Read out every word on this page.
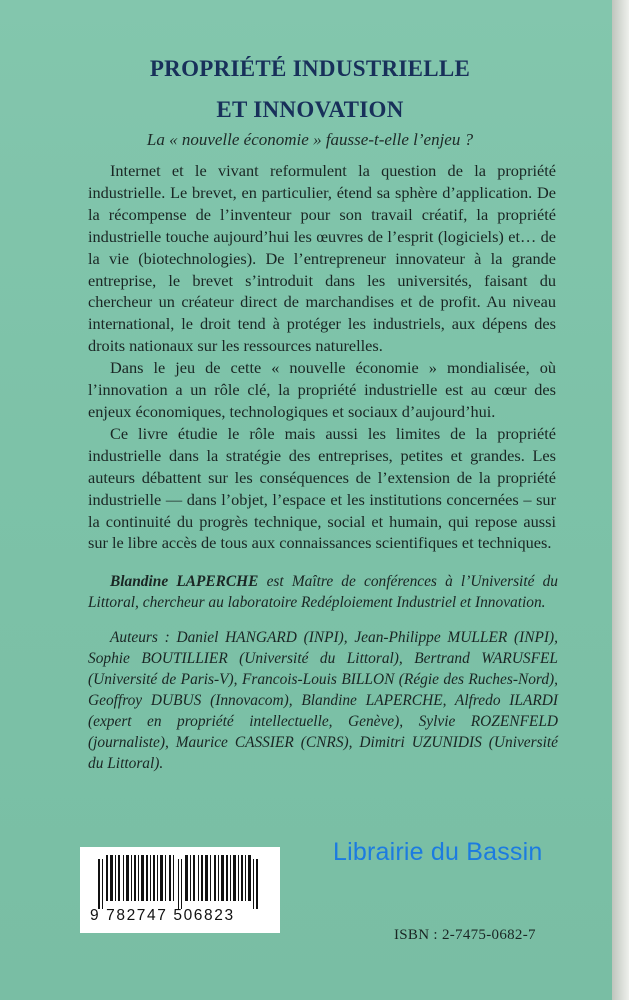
PROPRIÉTÉ INDUSTRIELLE
ET INNOVATION

La « nouvelle économie » fausse-t-elle l’enjeu ?

Internet et le vivant reformulent la question de la propriété industrielle. Le brevet, en particulier, étend sa sphère d’application. De la récompense de l’inventeur pour son travail créatif, la propriété industrielle touche aujourd’hui les œuvres de l’esprit (logiciels) et… de la vie (biotechnologies). De l’entrepreneur innovateur à la grande entreprise, le brevet s’introduit dans les universités, faisant du chercheur un créateur direct de marchandises et de profit. Au niveau international, le droit tend à protéger les industriels, aux dépens des droits nationaux sur les ressources naturelles.

Dans le jeu de cette « nouvelle économie » mondialisée, où l’innovation a un rôle clé, la propriété industrielle est au cœur des enjeux économiques, technologiques et sociaux d’aujourd’hui.

Ce livre étudie le rôle mais aussi les limites de la propriété industrielle dans la stratégie des entreprises, petites et grandes. Les auteurs débattent sur les conséquences de l’extension de la propriété industrielle — dans l’objet, l’espace et les institutions concernées – sur la continuité du progrès technique, social et humain, qui repose aussi sur le libre accès de tous aux connaissances scientifiques et techniques.

Blandine LAPERCHE est Maître de conférences à l’Université du Littoral, chercheur au laboratoire Redéploiement Industriel et Innovation.

Auteurs : Daniel HANGARD (INPI), Jean-Philippe MULLER (INPI), Sophie BOUTILLIER (Université du Littoral), Bertrand WARUSFEL (Université de Paris-V), Francois-Louis BILLON (Régie des Ruches-Nord), Geoffroy DUBUS (Innovacom), Blandine LAPERCHE, Alfredo ILARDI (expert en propriété intellectuelle, Genève), Sylvie ROZENFELD (journaliste), Maurice CASSIER (CNRS), Dimitri UZUNIDIS (Université du Littoral).

9 782747 506823
Librairie du Bassin
ISBN : 2-7475-0682-7
